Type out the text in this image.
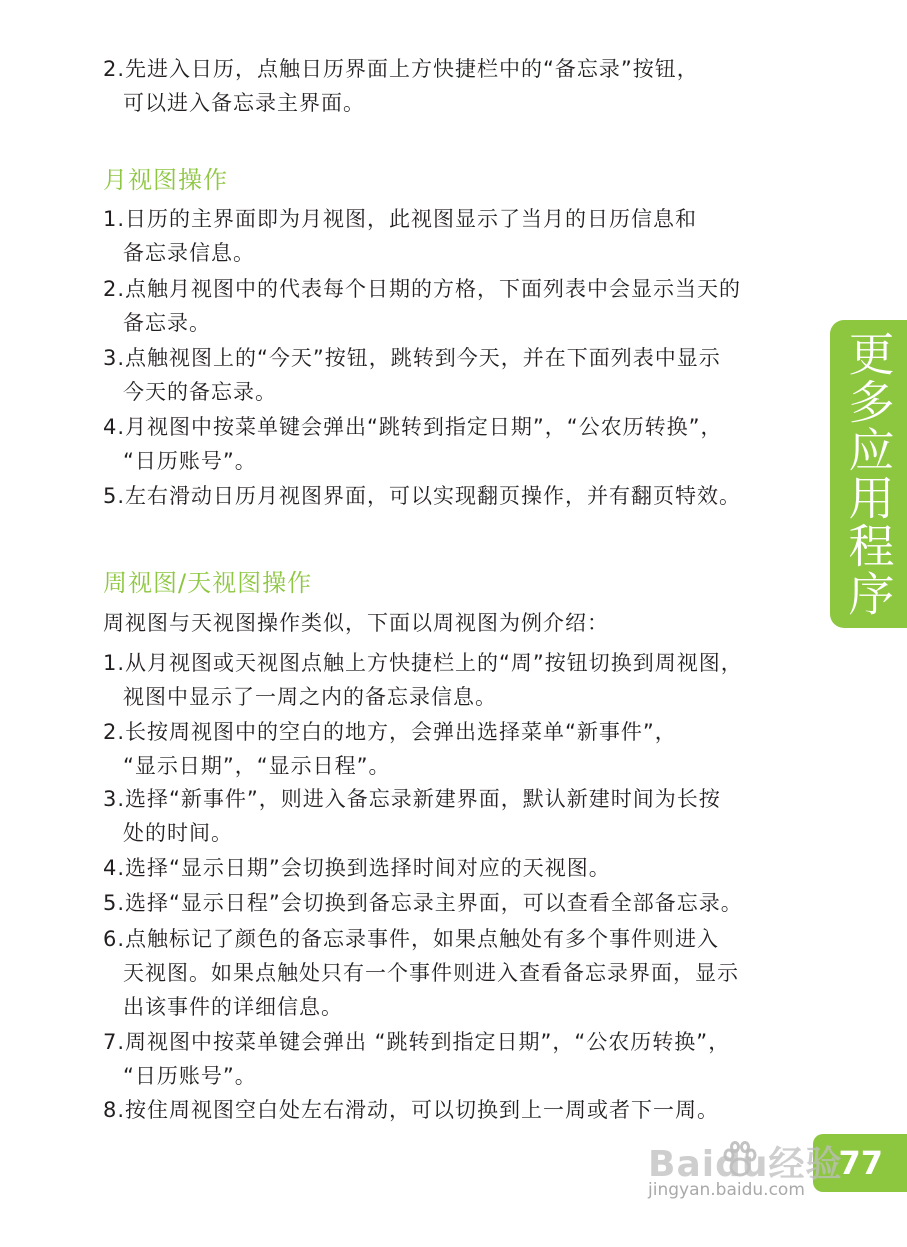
2.先进入日历，点触日历界面上方快捷栏中的“备忘录”按钮，
可以进入备忘录主界面。
月视图操作
1.日历的主界面即为月视图，此视图显示了当月的日历信息和
备忘录信息。
2.点触月视图中的代表每个日期的方格，下面列表中会显示当天的
备忘录。
3.点触视图上的“今天”按钮，跳转到今天，并在下面列表中显示
今天的备忘录。
4.月视图中按菜单键会弹出“跳转到指定日期”，“公农历转换”，
“日历账号”。
5.左右滑动日历月视图界面，可以实现翻页操作，并有翻页特效。
周视图/天视图操作
周视图与天视图操作类似，下面以周视图为例介绍：
1.从月视图或天视图点触上方快捷栏上的“周”按钮切换到周视图，
视图中显示了一周之内的备忘录信息。
2.长按周视图中的空白的地方，会弹出选择菜单“新事件”，
“显示日期”，“显示日程”。
3.选择“新事件”，则进入备忘录新建界面，默认新建时间为长按
处的时间。
4.选择“显示日期”会切换到选择时间对应的天视图。
5.选择“显示日程”会切换到备忘录主界面，可以查看全部备忘录。
6.点触标记了颜色的备忘录事件，如果点触处有多个事件则进入
天视图。如果点触处只有一个事件则进入查看备忘录界面，显示
出该事件的详细信息。
7.周视图中按菜单键会弹出 “跳转到指定日期”，“公农历转换”，
“日历账号”。
8.按住周视图空白处左右滑动，可以切换到上一周或者下一周。
更多应用程序
77
Baidu经验
jingyan.baidu.com
